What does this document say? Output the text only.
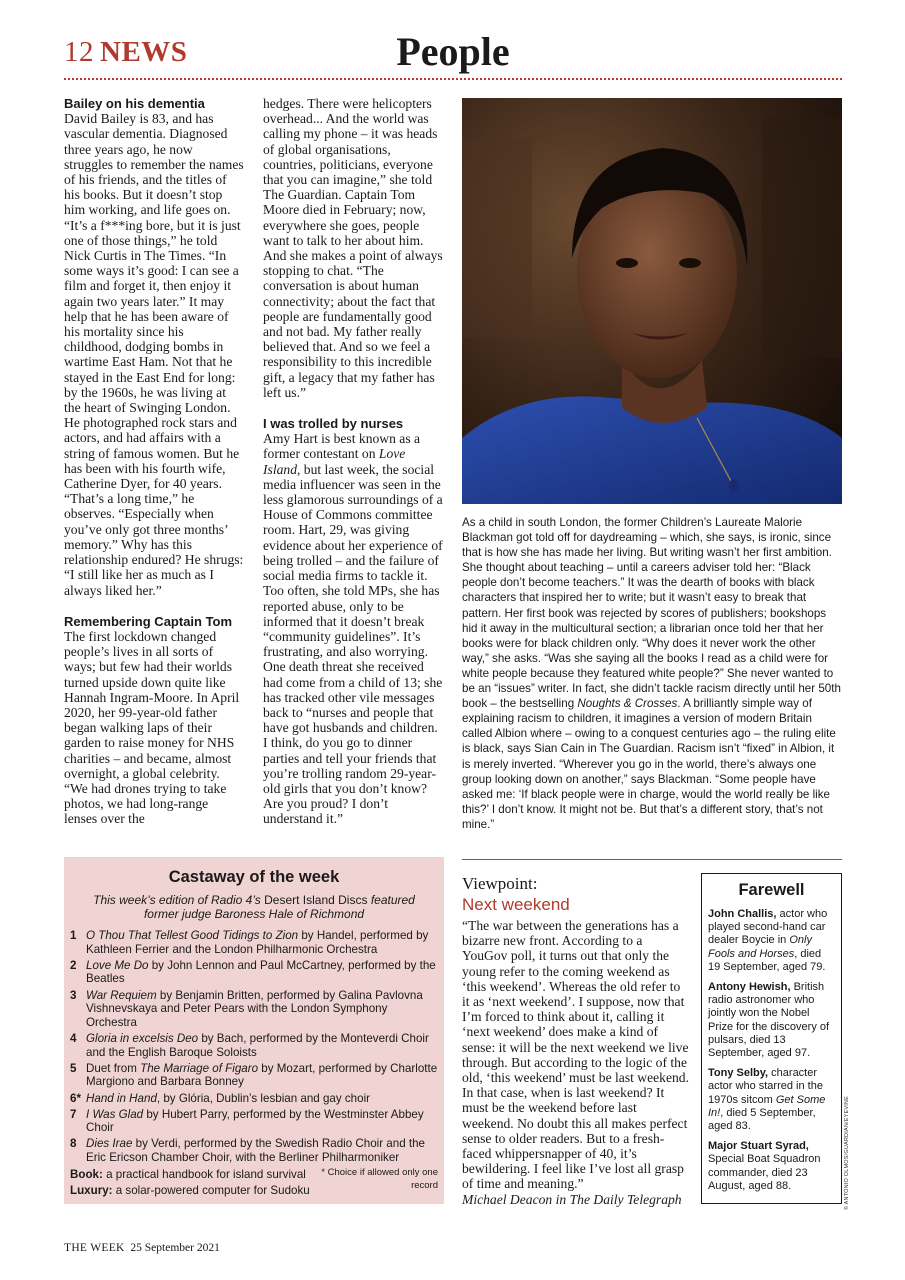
12 NEWS	People

Bailey on his dementia

David Bailey is 83, and has vascular dementia. Diagnosed three years ago, he now struggles to remember the names of his friends, and the titles of his books. But it doesn’t stop him working, and life goes on. “It’s a f***ing bore, but it is just one of those things,” he told Nick Curtis in The Times. “In some ways it’s good: I can see a film and forget it, then enjoy it again two years later.” It may help that he has been aware of his mortality since his childhood, dodging bombs in wartime East Ham. Not that he stayed in the East End for long: by the 1960s, he was living at the heart of Swinging London. He photographed rock stars and actors, and had affairs with a string of famous women. But he has been with his fourth wife, Catherine Dyer, for 40 years. “That’s a long time,” he observes. “Especially when you’ve only got three months’ memory.” Why has this relationship endured? He shrugs: “I still like her as much as I always liked her.”

Remembering Captain Tom

The first lockdown changed people’s lives in all sorts of ways; but few had their worlds turned upside down quite like Hannah Ingram-Moore. In April 2020, her 99-year-old father began walking laps of their garden to raise money for NHS charities – and became, almost overnight, a global celebrity. “We had drones trying to take photos, we had long-range lenses over the

hedges. There were helicopters overhead... And the world was calling my phone – it was heads of global organisations, countries, politicians, everyone that you can imagine,” she told The Guardian. Captain Tom Moore died in February; now, everywhere she goes, people want to talk to her about him. And she makes a point of always stopping to chat. “The conversation is about human connectivity; about the fact that people are fundamentally good and not bad. My father really believed that. And so we feel a responsibility to this incredible gift, a legacy that my father has left us.”

I was trolled by nurses

Amy Hart is best known as a former contestant on Love Island, but last week, the social media influencer was seen in the less glamorous surroundings of a House of Commons committee room. Hart, 29, was giving evidence about her experience of being trolled – and the failure of social media firms to tackle it. Too often, she told MPs, she has reported abuse, only to be informed that it doesn’t break “community guidelines”. It’s frustrating, and also worrying. One death threat she received had come from a child of 13; she has tracked other vile messages back to “nurses and people that have got husbands and children. I think, do you go to dinner parties and tell your friends that you’re trolling random 29-year-old girls that you don’t know? Are you proud? I don’t understand it.”

As a child in south London, the former Children’s Laureate Malorie Blackman got told off for daydreaming – which, she says, is ironic, since that is how she has made her living. But writing wasn’t her first ambition. She thought about teaching – until a careers adviser told her: “Black people don’t become teachers.” It was the dearth of books with black characters that inspired her to write; but it wasn’t easy to break that pattern. Her first book was rejected by scores of publishers; bookshops hid it away in the multicultural section; a librarian once told her that her books were for black children only. “Why does it never work the other way,” she asks. “Was she saying all the books I read as a child were for white people because they featured white people?” She never wanted to be an “issues” writer. In fact, she didn’t tackle racism directly until her 50th book – the bestselling Noughts & Crosses. A brilliantly simple way of explaining racism to children, it imagines a version of modern Britain called Albion where – owing to a conquest centuries ago – the ruling elite is black, says Sian Cain in The Guardian. Racism isn’t “fixed” in Albion, it is merely inverted. “Wherever you go in the world, there’s always one group looking down on another,” says Blackman. “Some people have asked me: ‘If black people were in charge, would the world really be like this?’ I don’t know. It might not be. But that’s a different story, that’s not mine.”
Castaway of the week
This week’s edition of Radio 4’s Desert Island Discs featured former judge Baroness Hale of Richmond
1 O Thou That Tellest Good Tidings to Zion by Handel, performed by Kathleen Ferrier and the London Philharmonic Orchestra
2 Love Me Do by John Lennon and Paul McCartney, performed by the Beatles
3 War Requiem by Benjamin Britten, performed by Galina Pavlovna Vishnevskaya and Peter Pears with the London Symphony Orchestra
4 Gloria in excelsis Deo by Bach, performed by the Monteverdi Choir and the English Baroque Soloists
5 Duet from The Marriage of Figaro by Mozart, performed by Charlotte Margiono and Barbara Bonney
6* Hand in Hand, by Glória, Dublin’s lesbian and gay choir
7 I Was Glad by Hubert Parry, performed by the Westminster Abbey Choir
8 Dies Irae by Verdi, performed by the Swedish Radio Choir and the Eric Ericson Chamber Choir, with the Berliner Philharmoniker
Book: a practical handbook for island survival
Luxury: a solar-powered computer for Sudoku
* Choice if allowed only one record
Viewpoint:
Next weekend
“The war between the generations has a bizarre new front. According to a YouGov poll, it turns out that only the young refer to the coming weekend as ‘this weekend’. Whereas the old refer to it as ‘next weekend’. I suppose, now that I’m forced to think about it, calling it ‘next weekend’ does make a kind of sense: it will be the next weekend we live through. But according to the logic of the old, ‘this weekend’ must be last weekend. In that case, when is last weekend? It must be the weekend before last weekend. No doubt this all makes perfect sense to older readers. But to a fresh-faced whippersnapper of 40, it’s bewildering. I feel like I’ve lost all grasp of time and meaning.”
Michael Deacon in The Daily Telegraph
Farewell
John Challis, actor who played second-hand car dealer Boycie in Only Fools and Horses, died 19 September, aged 79.
Antony Hewish, British radio astronomer who jointly won the Nobel Prize for the discovery of pulsars, died 13 September, aged 97.
Tony Selby, character actor who starred in the 1970s sitcom Get Some In!, died 5 September, aged 83.
Major Stuart Syrad, Special Boat Squadron commander, died 23 August, aged 88.	© ANTONIO OLMOS/GUARDIAN/EYEVINE
THE WEEK 25 September 2021
